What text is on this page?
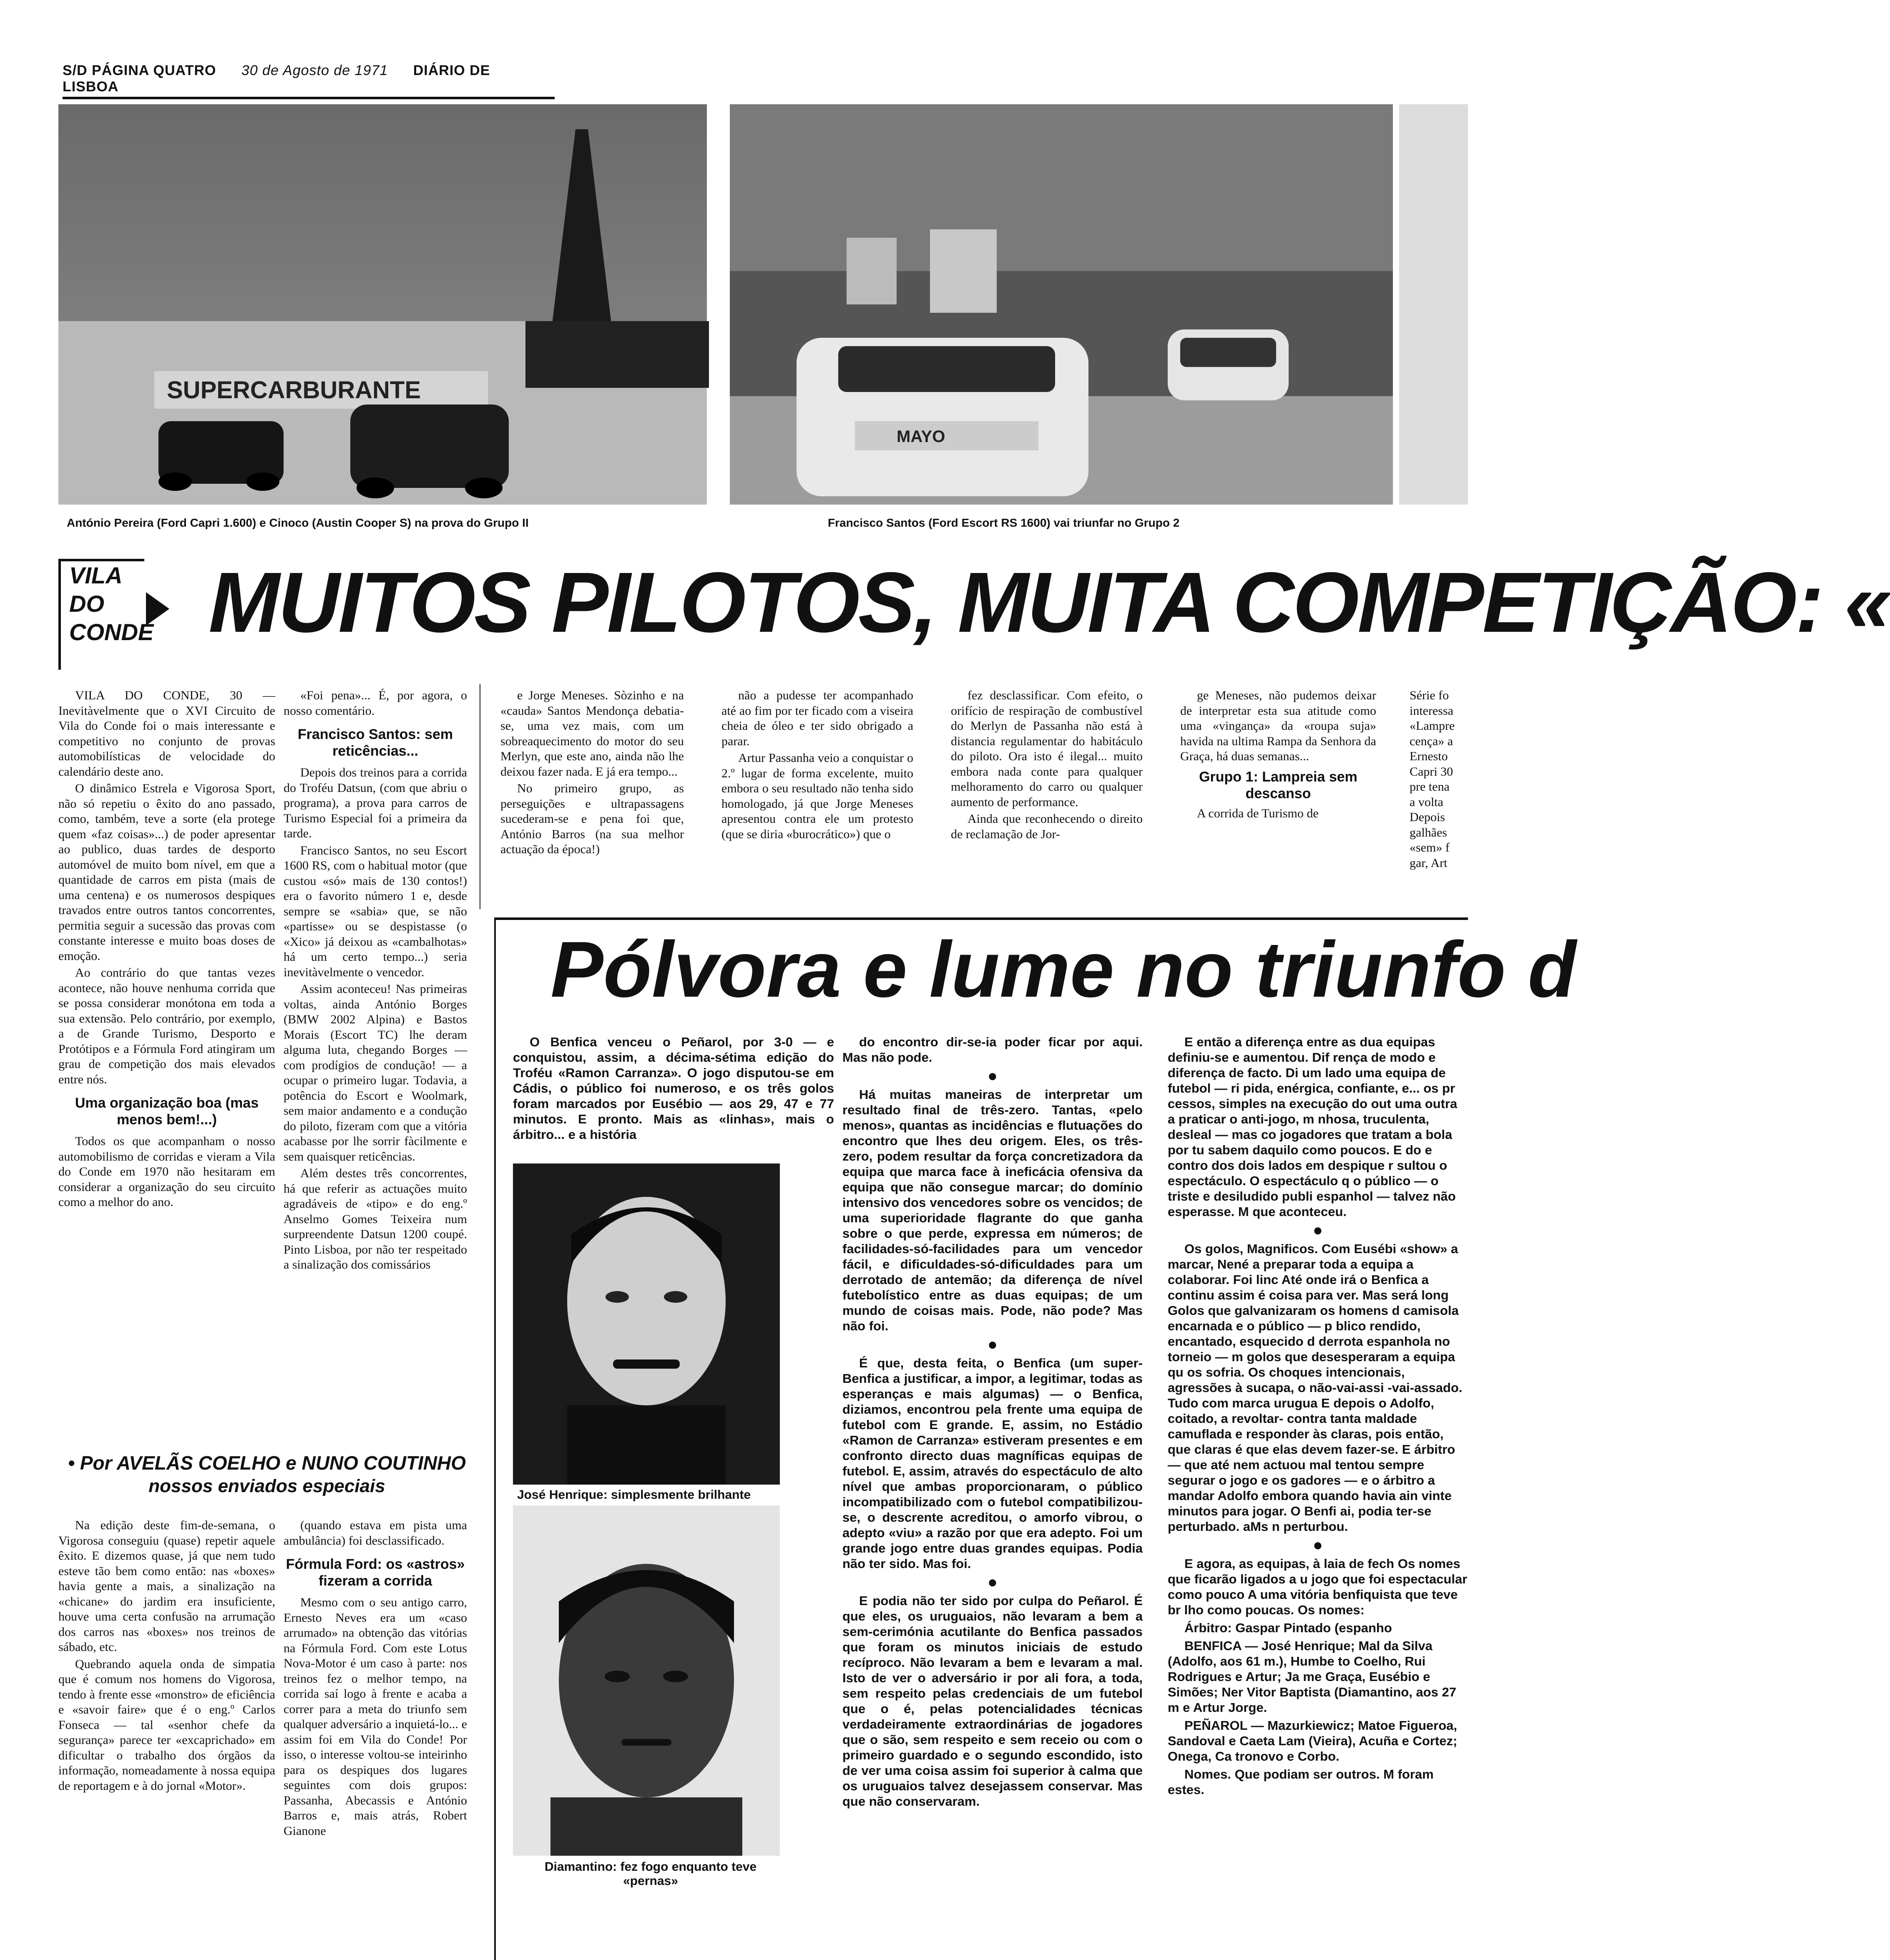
S/D PÁGINA QUATRO 30 de Agosto de 1971 DIÁRIO DE LISBOA
SUPERCARBURANTE
MAYO
António Pereira (Ford Capri 1.600) e Cinoco (Austin Cooper S) na prova do Grupo II	Francisco Santos (Ford Escort RS 1600) vai triunfar no Grupo 2
VILA
DO
CONDE MUITOS PILOTOS, MUITA COMPETIÇÃO: «

VILA DO CONDE, 30 — Inevitàvelmente que o XVI Circuito de Vila do Conde foi o mais interessante e competitivo no conjunto de provas automobilísticas de velocidade do calendário deste ano.

O dinâmico Estrela e Vigorosa Sport, não só repetiu o êxito do ano passado, como, também, teve a sorte (ela protege quem «faz coisas»...) de poder apresentar ao publico, duas tardes de desporto automóvel de muito bom nível, em que a quantidade de carros em pista (mais de uma centena) e os numerosos despiques travados entre outros tantos concorrentes, permitia seguir a sucessão das provas com constante interesse e muito boas doses de emoção.

Ao contrário do que tantas vezes acontece, não houve nenhuma corrida que se possa considerar monótona em toda a sua extensão. Pelo contrário, por exemplo, a de Grande Turismo, Desporto e Protótipos e a Fórmula Ford atingiram um grau de competição dos mais elevados entre nós.

Uma organização boa (mas menos bem!...)

Todos os que acompanham o nosso automobilismo de corridas e vieram a Vila do Conde em 1970 não hesitaram em considerar a organização do seu circuito como a melhor do ano.

«Foi pena»... É, por agora, o nosso comentário.

Francisco Santos: sem reticências...

Depois dos treinos para a corrida do Troféu Datsun, (com que abriu o programa), a prova para carros de Turismo Especial foi a primeira da tarde.

Francisco Santos, no seu Escort 1600 RS, com o habitual motor (que custou «só» mais de 130 contos!) era o favorito número 1 e, desde sempre se «sabia» que, se não «partisse» ou se despistasse (o «Xico» já deixou as «cambalhotas» há um certo tempo...) seria inevitàvelmente o vencedor.

Assim aconteceu! Nas primeiras voltas, ainda António Borges (BMW 2002 Alpina) e Bastos Morais (Escort TC) lhe deram alguma luta, chegando Borges — com prodígios de condução! — a ocupar o primeiro lugar. Todavia, a potência do Escort e Woolmark, sem maior andamento e a condução do piloto, fizeram com que a vitória acabasse por lhe sorrir fàcilmente e sem quaisquer reticências.

Além destes três concorrentes, há que referir as actuações muito agradáveis de «tipo» e do eng.º Anselmo Gomes Teixeira num surpreendente Datsun 1200 coupé. Pinto Lisboa, por não ter respeitado a sinalização dos comissários

• Por AVELÃS COELHO e NUNO COUTINHO
nossos enviados especiais

Na edição deste fim-de-semana, o Vigorosa conseguiu (quase) repetir aquele êxito. E dizemos quase, já que nem tudo esteve tão bem como então: nas «boxes» havia gente a mais, a sinalização na «chicane» do jardim era insuficiente, houve uma certa confusão na arrumação dos carros nas «boxes» nos treinos de sábado, etc.

Quebrando aquela onda de simpatia que é comum nos homens do Vigorosa, tendo à frente esse «monstro» de eficiência e «savoir faire» que é o eng.º Carlos Fonseca — tal «senhor chefe da segurança» parece ter «excaprichado» em dificultar o trabalho dos órgãos da informação, nomeadamente à nossa equipa de reportagem e à do jornal «Motor».

(quando estava em pista uma ambulância) foi desclassificado.

Fórmula Ford: os «astros» fizeram a corrida

Mesmo com o seu antigo carro, Ernesto Neves era um «caso arrumado» na obtenção das vitórias na Fórmula Ford. Com este Lotus Nova-Motor é um caso à parte: nos treinos fez o melhor tempo, na corrida saí logo à frente e acaba a correr para a meta do triunfo sem qualquer adversário a inquietá-lo... e assim foi em Vila do Conde! Por isso, o interesse voltou-se inteirinho para os despiques dos lugares seguintes com dois grupos: Passanha, Abecassis e António Barros e, mais atrás, Robert Gianone

e Jorge Meneses. Sòzinho e na «cauda» Santos Mendonça debatia-se, uma vez mais, com um sobreaquecimento do motor do seu Merlyn, que este ano, ainda não lhe deixou fazer nada. E já era tempo...

No primeiro grupo, as perseguições e ultrapassagens sucederam-se e pena foi que, António Barros (na sua melhor actuação da época!)

não a pudesse ter acompanhado até ao fim por ter ficado com a viseira cheia de óleo e ter sido obrigado a parar.

Artur Passanha veio a conquistar o 2.º lugar de forma excelente, muito embora o seu resultado não tenha sido homologado, já que Jorge Meneses apresentou contra ele um protesto (que se diria «burocrático») que o

fez desclassificar. Com efeito, o orifício de respiração de combustível do Merlyn de Passanha não está à distancia regulamentar do habitáculo do piloto. Ora isto é ilegal... muito embora nada conte para qualquer melhoramento do carro ou qualquer aumento de performance.

Ainda que reconhecendo o direito de reclamação de Jor-

ge Meneses, não pudemos deixar de interpretar esta sua atitude como uma «vingança» da «roupa suja» havida na ultima Rampa da Senhora da Graça, há duas semanas...

Grupo 1: Lampreia sem descanso

A corrida de Turismo de

Série fo
interessa
«Lampre
cença» a
Ernesto
Capri 30
pre tena
a volta
Depois
galhães
«sem» f
gar, Art
Pólvora e lume no triunfo d
O Benfica venceu o Peñarol, por 3-0 — e conquistou, assim, a décima-sétima edição do Troféu «Ramon Carranza». O jogo disputou-se em Cádis, o público foi numeroso, e os três golos foram marcados por Eusébio — aos 29, 47 e 77 minutos. E pronto. Mais as «linhas», mais o árbitro... e a história
José Henrique: simplesmente brilhante
Diamantino: fez fogo enquanto teve «pernas»

do encontro dir-se-ia poder ficar por aqui. Mas não pode.

●

Há muitas maneiras de interpretar um resultado final de três-zero. Tantas, «pelo menos», quantas as incidências e flutuações do encontro que lhes deu origem. Eles, os três-zero, podem resultar da força concretizadora da equipa que marca face à ineficácia ofensiva da equipa que não consegue marcar; do domínio intensivo dos vencedores sobre os vencidos; de uma superioridade flagrante do que ganha sobre o que perde, expressa em números; de facilidades-só-facilidades para um vencedor fácil, e dificuldades-só-dificuldades para um derrotado de antemão; da diferença de nível futebolístico entre as duas equipas; de um mundo de coisas mais. Pode, não pode? Mas não foi.

●

É que, desta feita, o Benfica (um super-Benfica a justificar, a impor, a legitimar, todas as esperanças e mais algumas) — o Benfica, diziamos, encontrou pela frente uma equipa de futebol com E grande. E, assim, no Estádio «Ramon de Carranza» estiveram presentes e em confronto directo duas magníficas equipas de futebol. E, assim, através do espectáculo de alto nível que ambas proporcionaram, o público incompatibilizado com o futebol compatibilizou-se, o descrente acreditou, o amorfo vibrou, o adepto «viu» a razão por que era adepto. Foi um grande jogo entre duas grandes equipas. Podia não ter sido. Mas foi.

●

E podia não ter sido por culpa do Peñarol. É que eles, os uruguaios, não levaram a bem a sem-cerimónia acutilante do Benfica passados que foram os minutos iniciais de estudo recíproco. Não levaram a bem e levaram a mal. Isto de ver o adversário ir por ali fora, a toda, sem respeito pelas credenciais de um futebol que o é, pelas potencialidades técnicas verdadeiramente extraordinárias de jogadores que o são, sem respeito e sem receio ou com o primeiro guardado e o segundo escondido, isto de ver uma coisa assim foi superior à calma que os uruguaios talvez desejassem conservar. Mas que não conservaram.

E então a diferença entre as dua equipas definiu-se e aumentou. Dif rença de modo e diferença de facto. Di um lado uma equipa de futebol — ri pida, enérgica, confiante, e... os pr cessos, simples na execução do out uma outra a praticar o anti-jogo, m nhosa, truculenta, desleal — mas co jogadores que tratam a bola por tu sabem daquilo como poucos. E do e contro dos dois lados em despique r sultou o espectáculo. O espectáculo q o público — o triste e desiludido publi espanhol — talvez não esperasse. M que aconteceu.

●

Os golos, Magnificos. Com Eusébi «show» a marcar, Nené a preparar toda a equipa a colaborar. Foi linc Até onde irá o Benfica a continu assim é coisa para ver. Mas será long Golos que galvanizaram os homens d camisola encarnada e o público — p blico rendido, encantado, esquecido d derrota espanhola no torneio — m golos que desesperaram a equipa qu os sofria. Os choques intencionais, agressões à sucapa, o não-vai-assi -vai-assado. Tudo com marca urugua E depois o Adolfo, coitado, a revoltar- contra tanta maldade camuflada e responder às claras, pois então, que claras é que elas devem fazer-se. E árbitro — que até nem actuou mal tentou sempre segurar o jogo e os gadores — e o árbitro a mandar Adolfo embora quando havia ain vinte minutos para jogar. O Benfi ai, podia ter-se perturbado. aMs n perturbou.

●

E agora, as equipas, à laia de fech Os nomes que ficarão ligados a u jogo que foi espectacular como pouco A uma vitória benfiquista que teve br lho como poucas. Os nomes:

Árbitro: Gaspar Pintado (espanho

BENFICA — José Henrique; Mal da Silva (Adolfo, aos 61 m.), Humbe to Coelho, Rui Rodrigues e Artur; Ja me Graça, Eusébio e Simões; Ner Vitor Baptista (Diamantino, aos 27 m e Artur Jorge.

PEÑAROL — Mazurkiewicz; Matoe Figueroa, Sandoval e Caeta Lam (Vieira), Acuña e Cortez; Onega, Ca tronovo e Corbo.

Nomes. Que podiam ser outros. M foram estes.
